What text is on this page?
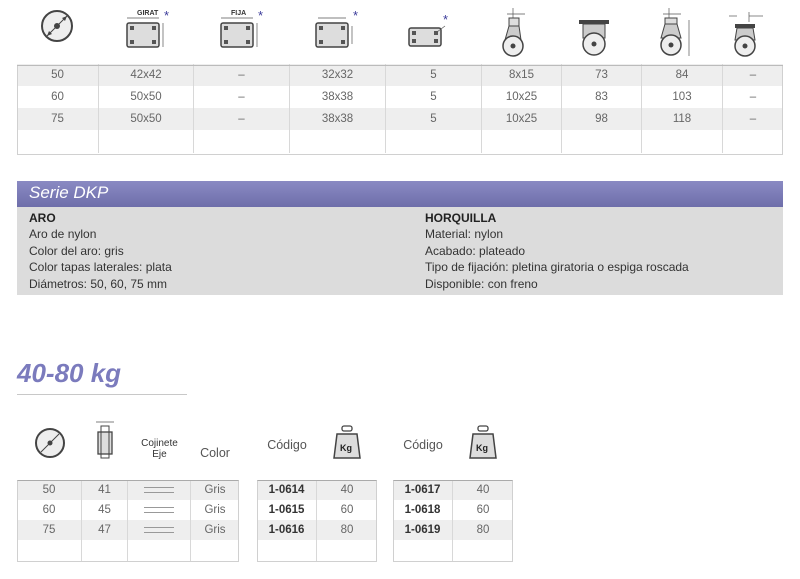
GIRAT *	FIJA *	*	*
50	42x42	–	32x32	5	8x15	73	84	–
60	50x50	–	38x38	5	10x25	83	103	–
75	50x50	–	38x38	5	10x25	98	118	–
Serie DKP
ARO
Aro de nylon
Color del aro: gris
Color tapas laterales: plata
Diámetros: 50, 60, 75 mm
HORQUILLA
Material: nylon
Acabado: plateado
Tipo de fijación: pletina giratoria o espiga roscada
Disponible: con freno
40-80 kg
Cojinete
Eje	Color
50	41	Gris
60	45	Gris
75	47	Gris
Código	Kg
1-0614	40
1-0615	60
1-0616	80
Código	Kg
1-0617	40
1-0618	60
1-0619	80
